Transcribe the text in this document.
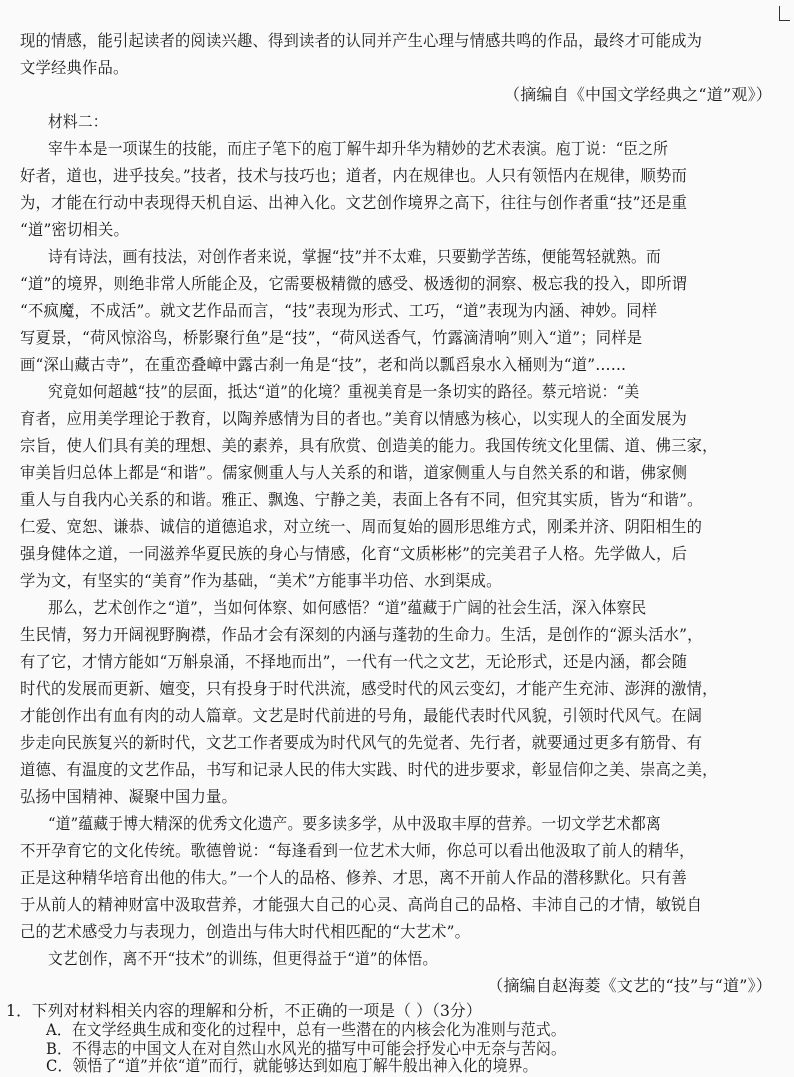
现的情感，能引起读者的阅读兴趣、得到读者的认同并产生心理与情感共鸣的作品，最终才可能成为
文学经典作品。
（摘编自《中国文学经典之“道”观》）
材料二：
宰牛本是一项谋生的技能，而庄子笔下的庖丁解牛却升华为精妙的艺术表演。庖丁说：“臣之所
好者，道也，进乎技矣。”技者，技术与技巧也；道者，内在规律也。人只有领悟内在规律，顺势而
为，才能在行动中表现得天机自运、出神入化。文艺创作境界之高下，往往与创作者重“技”还是重
“道”密切相关。
诗有诗法，画有技法，对创作者来说，掌握“技”并不太难，只要勤学苦练，便能驾轻就熟。而
“道”的境界，则绝非常人所能企及，它需要极精微的感受、极透彻的洞察、极忘我的投入，即所谓
“不疯魔，不成活”。就文艺作品而言，“技”表现为形式、工巧，“道”表现为内涵、神妙。同样
写夏景，“荷风惊浴鸟，桥影聚行鱼”是“技”，“荷风送香气，竹露滴清响”则入“道”；同样是
画“深山藏古寺”，在重峦叠嶂中露古刹一角是“技”，老和尚以瓢舀泉水入桶则为“道”……
究竟如何超越“技”的层面，抵达“道”的化境？重视美育是一条切实的路径。蔡元培说：“美
育者，应用美学理论于教育，以陶养感情为目的者也。”美育以情感为核心，以实现人的全面发展为
宗旨，使人们具有美的理想、美的素养，具有欣赏、创造美的能力。我国传统文化里儒、道、佛三家，
审美旨归总体上都是“和谐”。儒家侧重人与人关系的和谐，道家侧重人与自然关系的和谐，佛家侧
重人与自我内心关系的和谐。雅正、飘逸、宁静之美，表面上各有不同，但究其实质，皆为“和谐”。
仁爱、宽恕、谦恭、诚信的道德追求，对立统一、周而复始的圆形思维方式，刚柔并济、阴阳相生的
强身健体之道，一同滋养华夏民族的身心与情感，化育“文质彬彬”的完美君子人格。先学做人，后
学为文，有坚实的“美育”作为基础，“美术”方能事半功倍、水到渠成。
那么，艺术创作之“道”，当如何体察、如何感悟？“道”蕴藏于广阔的社会生活，深入体察民
生民情，努力开阔视野胸襟，作品才会有深刻的内涵与蓬勃的生命力。生活，是创作的“源头活水”，
有了它，才情方能如“万斛泉涌，不择地而出”，一代有一代之文艺，无论形式，还是内涵，都会随
时代的发展而更新、嬗变，只有投身于时代洪流，感受时代的风云变幻，才能产生充沛、澎湃的激情，
才能创作出有血有肉的动人篇章。文艺是时代前进的号角，最能代表时代风貌，引领时代风气。在阔
步走向民族复兴的新时代，文艺工作者要成为时代风气的先觉者、先行者，就要通过更多有筋骨、有
道德、有温度的文艺作品，书写和记录人民的伟大实践、时代的进步要求，彰显信仰之美、崇高之美，
弘扬中国精神、凝聚中国力量。
“道”蕴藏于博大精深的优秀文化遗产。要多读多学，从中汲取丰厚的营养。一切文学艺术都离
不开孕育它的文化传统。歌德曾说：“每逢看到一位艺术大师，你总可以看出他汲取了前人的精华，
正是这种精华培育出他的伟大。”一个人的品格、修养、才思，离不开前人作品的潜移默化。只有善
于从前人的精神财富中汲取营养，才能强大自己的心灵、高尚自己的品格、丰沛自己的才情，敏锐自
己的艺术感受力与表现力，创造出与伟大时代相匹配的“大艺术”。
文艺创作，离不开“技术”的训练，但更得益于“道”的体悟。
（摘编自赵海菱《文艺的“技”与“道”》）
1．下列对材料相关内容的理解和分析，不正确的一项是（ ）（3分）
A．在文学经典生成和变化的过程中，总有一些潜在的内核会化为准则与范式。
B．不得志的中国文人在对自然山水风光的描写中可能会抒发心中无奈与苦闷。
C．领悟了“道”并依“道”而行，就能够达到如庖丁解牛般出神入化的境界。
